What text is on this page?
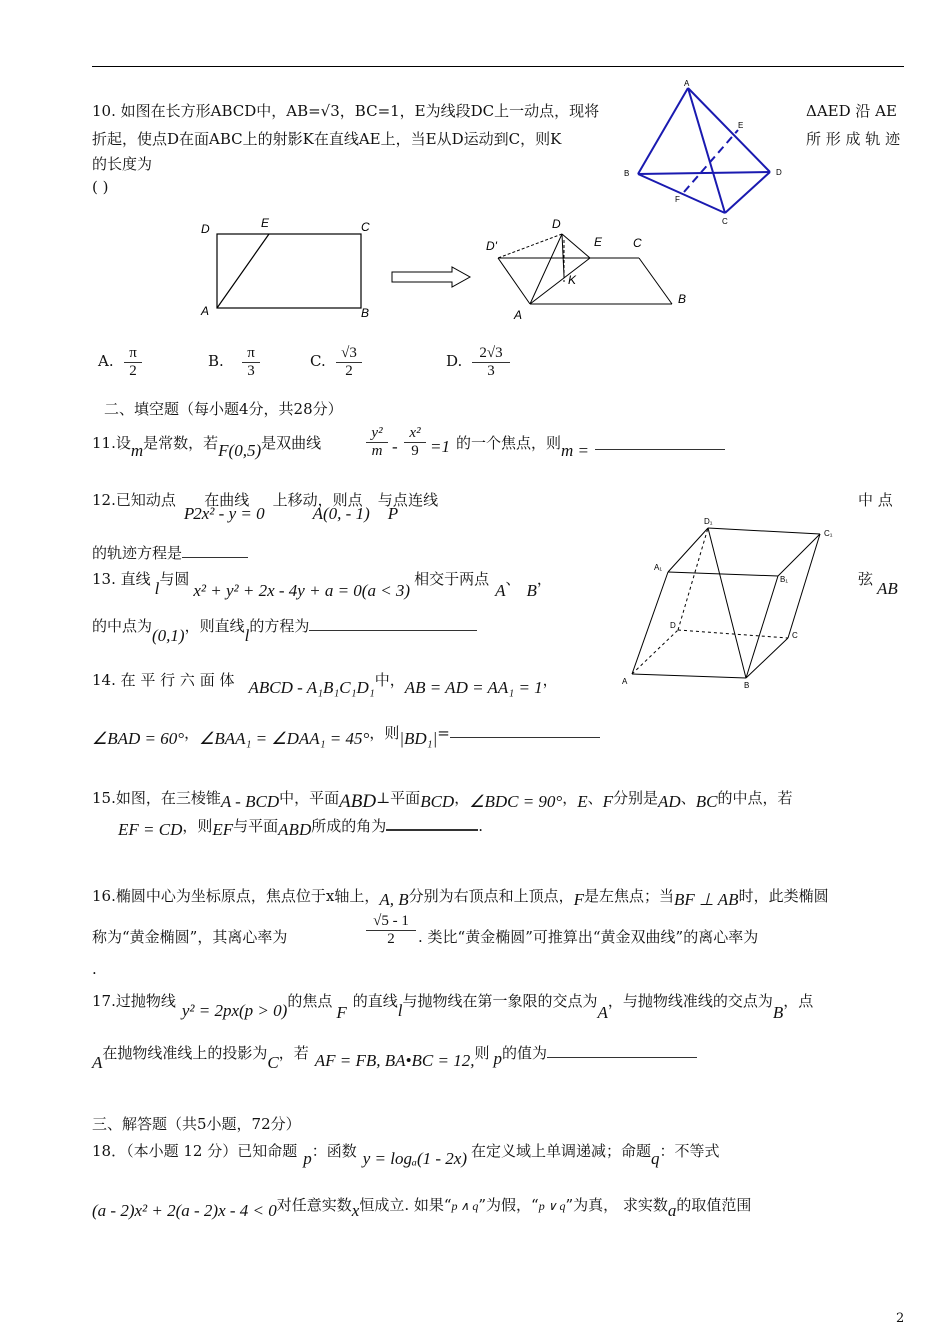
10. 如图在长方形ABCD中，AB=√3，BC=1，E为线段DC上一动点，现将	ΔAED 沿 AE
折起，使点D在面ABC上的射影K在直线AE上，当E从D运动到C，则K	所 形 成 轨 迹
的长度为
( )
A
B
C
D
E
F
D	E	C
A	B
D
D'	E	C
K
A
B
A. $\frac{\pi}{2}$	B. $\frac{\pi}{3}$	C. $\frac{√3}{2}$	D. $\frac{2√3}{3}$
二、填空题（每小题4分，共28分）
11.设m是常数，若F(0,5)是双曲线	$\frac{\text{y²}}{m} - \frac{\text{x²}}{9} =1$ 的一个焦点，则m =
12.已知动点P在曲线2x² - y = 0上移动，则点A(0, - 1)与点P连线	中 点
的轨迹方程是
D₁
C₁
A₁
B₁
D
C
A	B
13. 直线 l与圆x² + y² + 2x - 4y + a = 0(a < 3)相交于两点A、B，	弦 AB
的中点为(0,1)，则直线l的方程为
14. 在 平 行 六 面 体 ABCD - A₁B₁C₁D₁中，AB = AD = AA₁ = 1，
∠BAD = 60°，∠BAA₁ = ∠DAA₁ = 45°，则|BD₁|=
15.如图，在三棱锥A - BCD中，平面ABD⊥平面BCD，∠BDC = 90°，E、F分别是AD、BC的中点，若
EF = CD，则EF与平面ABD所成的角为	.
16.椭圆中心为坐标原点，焦点位于x轴上，A, B分别为右顶点和上顶点，F是左焦点；当BF ⊥ AB时，此类椭圆
称为“黄金椭圆”，其离心率为	$\frac{√5 - 1}{2}$ . 类比“黄金椭圆”可推算出“黄金双曲线”的离心率为
.
17.过抛物线 y² = 2px(p > 0)的焦点F的直线l与抛物线在第一象限的交点为A，与抛物线准线的交点为B，点
A在抛物线准线上的投影为C，若 AF = FB, BA•BC = 12,则 p的值为
三、解答题（共5小题，72分）
18．（本小题 12 分）已知命题 p：函数 y = logₐ(1 - 2x) 在定义域上单调递减；命题q：不等式
(a - 2)x² + 2(a - 2)x - 4 < 0对任意实数x恒成立. 如果“p ∧ q”为假，“p ∨ q”为真， 求实数a的取值范围
2
